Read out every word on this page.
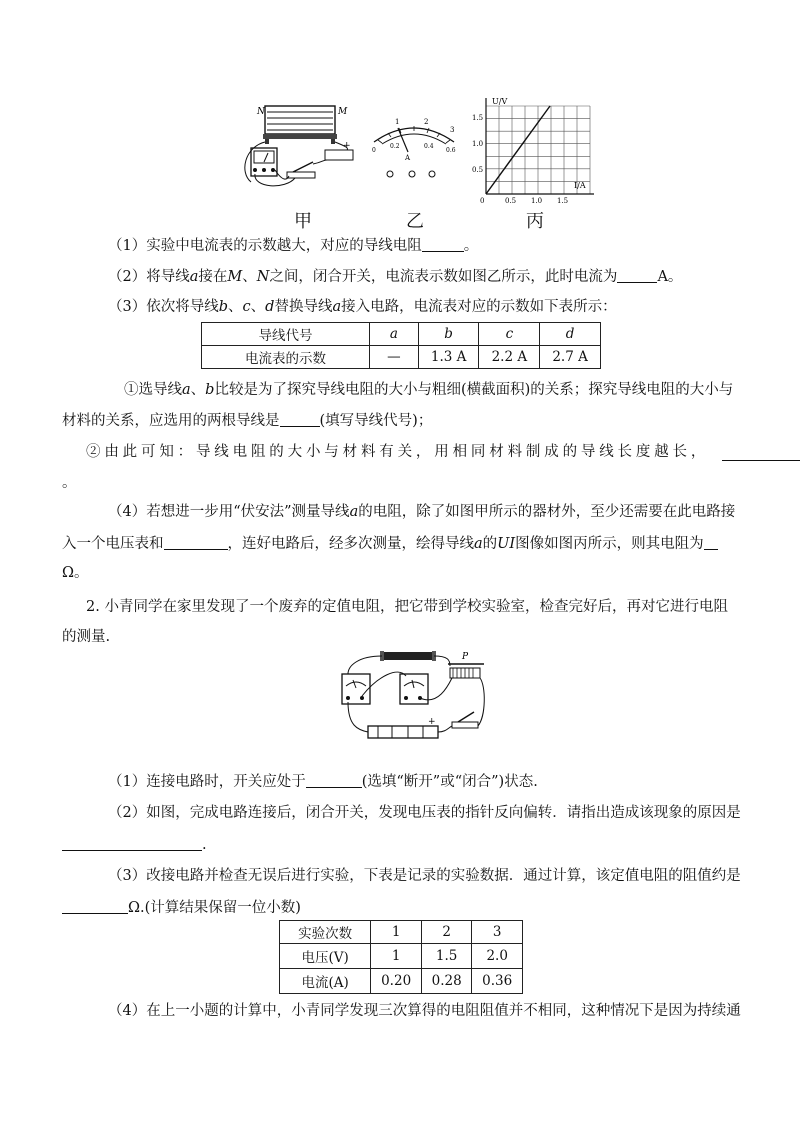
N	M
+
1	2
3
0
0.2	0.4
0.6
A
U/V
I/A
1.5
1.0
0.5
0	0.5 1.0 1.5
甲	乙	丙
（1）实验中电流表的示数越大，对应的导线电阻	。
（2）将导线a接在M、N之间，闭合开关，电流表示数如图乙所示，此时电流为	A。
（3）依次将导线b、c、d替换导线a接入电路，电流表对应的示数如下表所示：
导线代号	a	b	c	d
电流表的示数	—	1.3 A	2.2 A	2.7 A
①选导线a、b比较是为了探究导线电阻的大小与粗细(横截面积)的关系；探究导线电阻的大小与
材料的关系，应选用的两根导线是	(填写导线代号)；
②由此可知：导线电阻的大小与材料有关，用相同材料制成的导线长度越长，
。
（4）若想进一步用“伏安法”测量导线a的电阻，除了如图甲所示的器材外，至少还需要在此电路接
入一个电压表和	，连好电路后，经多次测量，绘得导线a的UI图像如图丙所示，则其电阻为
Ω。
2. 小青同学在家里发现了一个废弃的定值电阻，把它带到学校实验室，检查完好后，再对它进行电阻
的测量.
P
+
（1）连接电路时，开关应处于	(选填“断开”或“闭合”)状态.
（2）如图，完成电路连接后，闭合开关，发现电压表的指针反向偏转．请指出造成该现象的原因是
.
（3）改接电路并检查无误后进行实验，下表是记录的实验数据．通过计算，该定值电阻的阻值约是
Ω.(计算结果保留一位小数)
实验次数	1	2	3
电压(V)	1	1.5	2.0
电流(A)	0.20	0.28	0.36
（4）在上一小题的计算中，小青同学发现三次算得的电阻阻值并不相同，这种情况下是因为持续通
